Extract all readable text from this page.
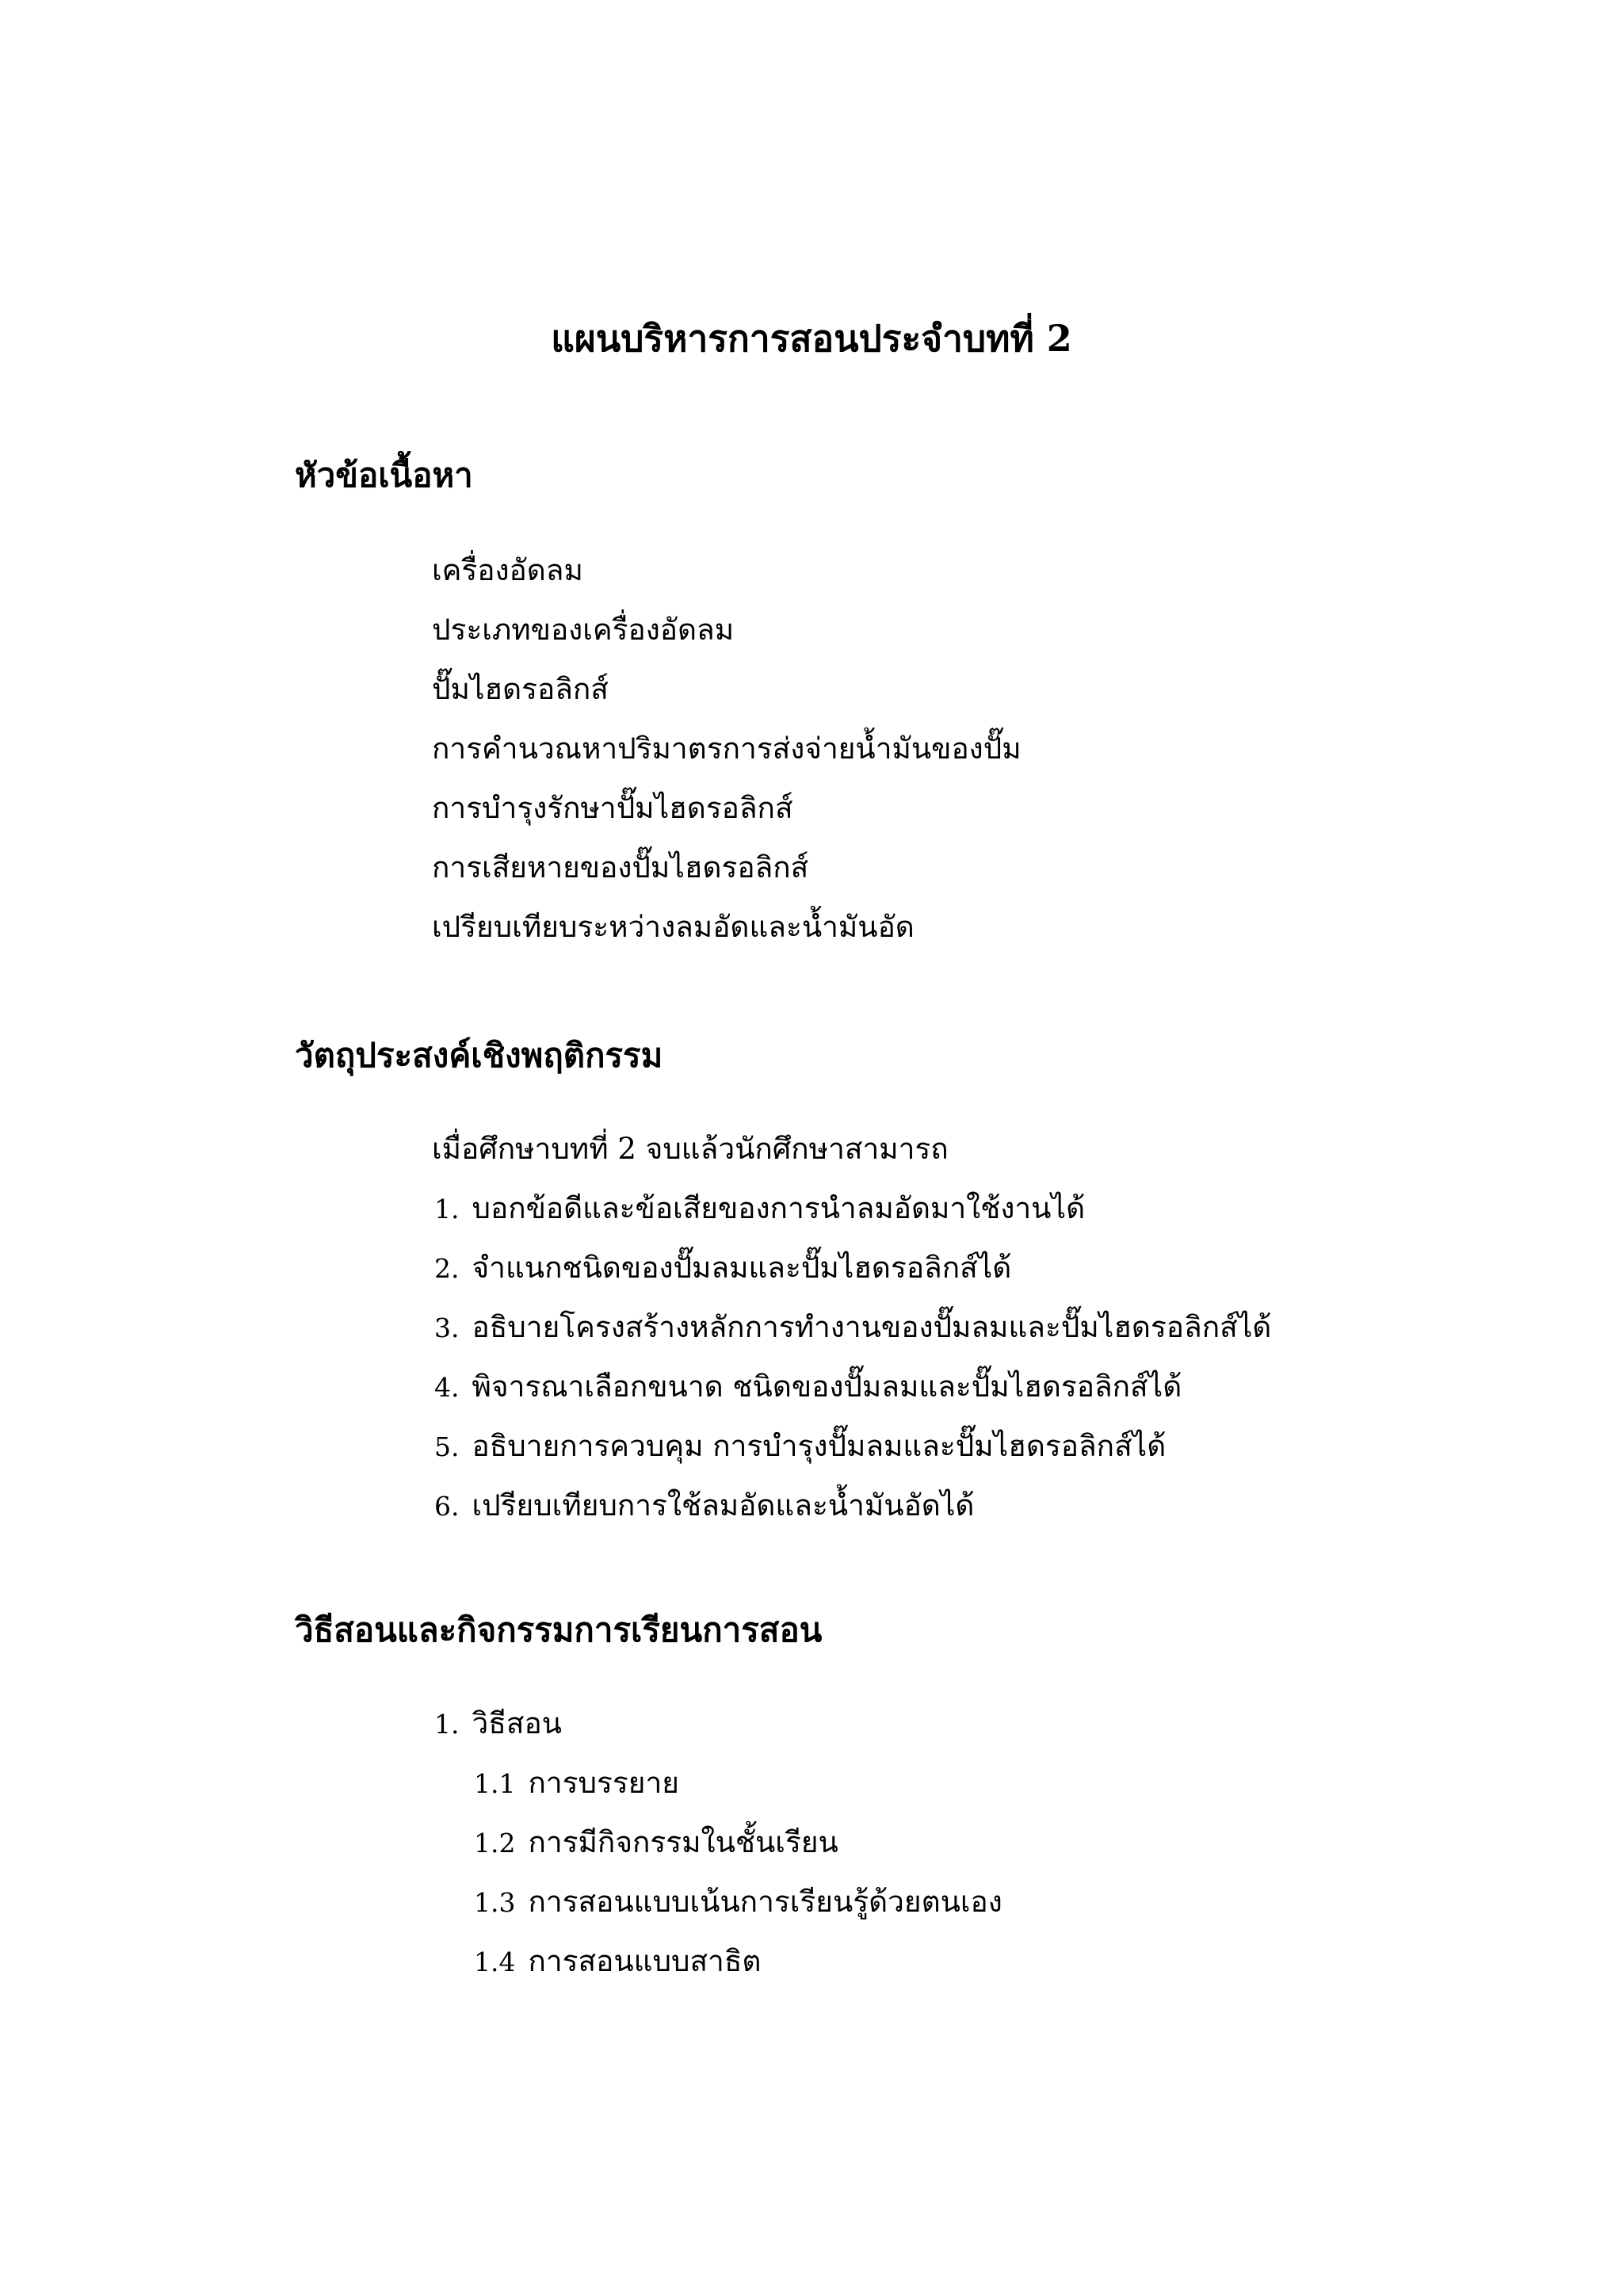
แผนบริหารการสอนประจำบทที่ 2
หัวข้อเนื้อหา
เครื่องอัดลม
ประเภทของเครื่องอัดลม
ปั๊มไฮดรอลิกส์
การคำนวณหาปริมาตรการส่งจ่ายน้ำมันของปั๊ม
การบำรุงรักษาปั๊มไฮดรอลิกส์
การเสียหายของปั๊มไฮดรอลิกส์
เปรียบเทียบระหว่างลมอัดและน้ำมันอัด
วัตถุประสงค์เชิงพฤติกรรม

เมื่อศึกษาบทที่ 2 จบแล้วนักศึกษาสามารถ

1. บอกข้อดีและข้อเสียของการนำลมอัดมาใช้งานได้
2. จำแนกชนิดของปั๊มลมและปั๊มไฮดรอลิกส์ได้
3. อธิบายโครงสร้างหลักการทำงานของปั๊มลมและปั๊มไฮดรอลิกส์ได้
4. พิจารณาเลือกขนาด ชนิดของปั๊มลมและปั๊มไฮดรอลิกส์ได้
5. อธิบายการควบคุม การบำรุงปั๊มลมและปั๊มไฮดรอลิกส์ได้
6. เปรียบเทียบการใช้ลมอัดและน้ำมันอัดได้
วิธีสอนและกิจกรรมการเรียนการสอน

1. วิธีสอน

1.1 การบรรยาย
1.2 การมีกิจกรรมในชั้นเรียน
1.3 การสอนแบบเน้นการเรียนรู้ด้วยตนเอง
1.4 การสอนแบบสาธิต
